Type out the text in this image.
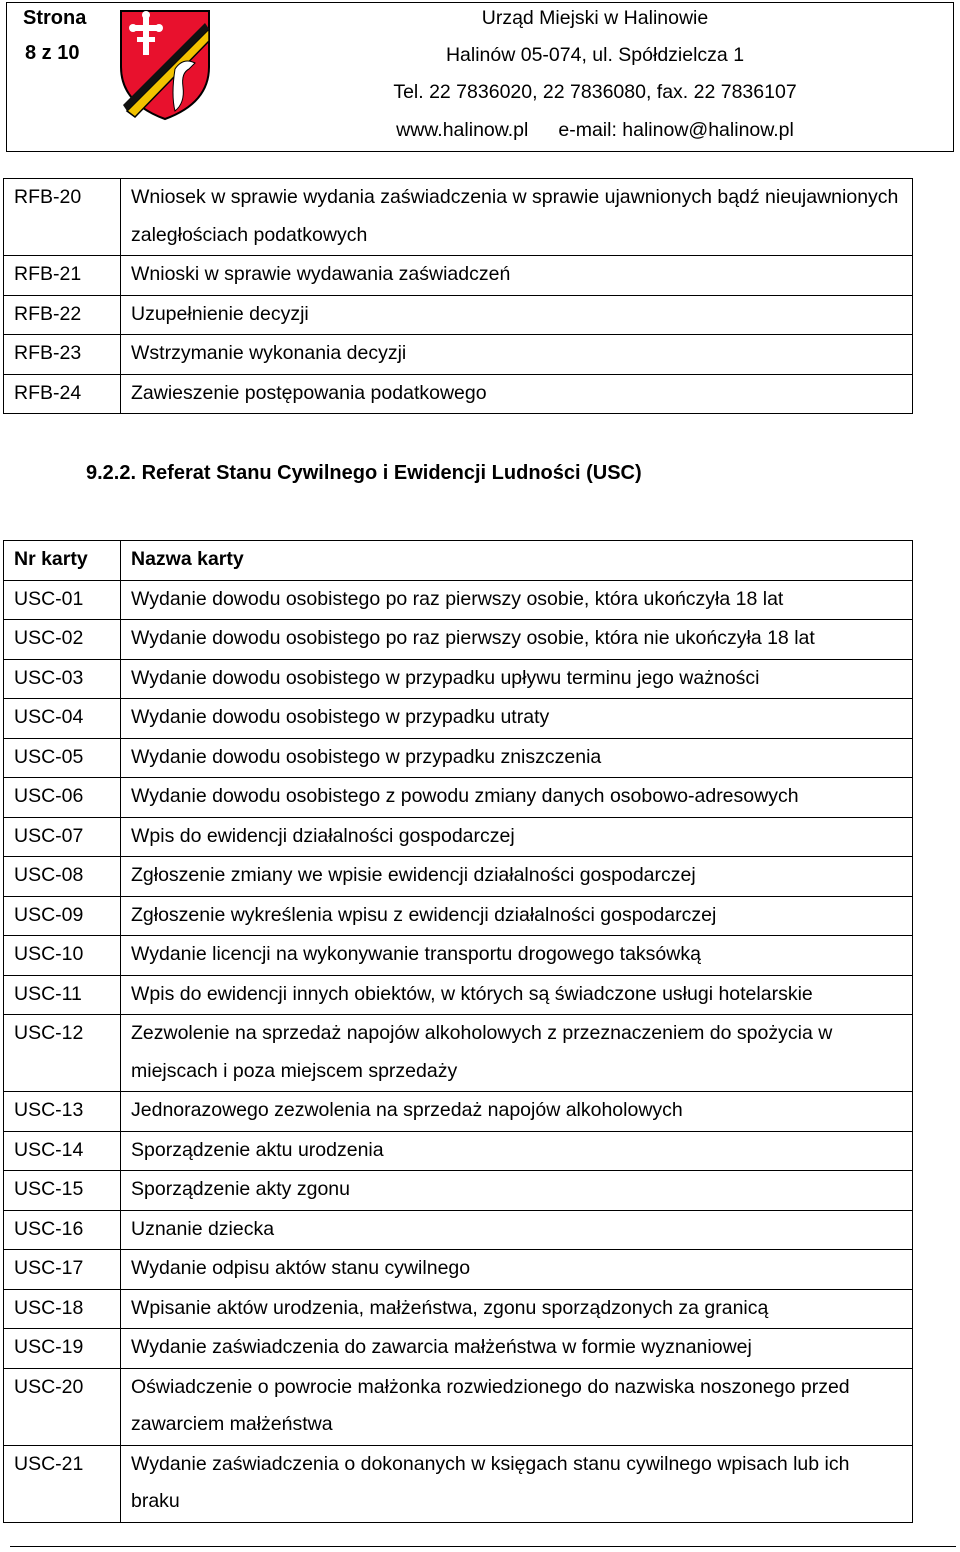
Strona
8 z 10
Urząd Miejski w Halinowie
Halinów 05-074, ul. Spółdzielcza 1
Tel. 22 7836020, 22 7836080, fax. 22 7836107
www.halinow.pl e-mail: halinow@halinow.pl
RFB-20	Wniosek w sprawie wydania zaświadczenia w sprawie ujawnionych bądź nieujawnionych zaległościach podatkowych

RFB-21	Wnioski w sprawie wydawania zaświadczeń

RFB-22	Uzupełnienie decyzji

RFB-23	Wstrzymanie wykonania decyzji

RFB-24	Zawieszenie postępowania podatkowego
9.2.2. Referat Stanu Cywilnego i Ewidencji Ludności (USC)
Nr karty	Nazwa karty

USC-01	Wydanie dowodu osobistego po raz pierwszy osobie, która ukończyła 18 lat

USC-02	Wydanie dowodu osobistego po raz pierwszy osobie, która nie ukończyła 18 lat

USC-03	Wydanie dowodu osobistego w przypadku upływu terminu jego ważności

USC-04	Wydanie dowodu osobistego w przypadku utraty

USC-05	Wydanie dowodu osobistego w przypadku zniszczenia

USC-06	Wydanie dowodu osobistego z powodu zmiany danych osobowo-adresowych

USC-07	Wpis do ewidencji działalności gospodarczej

USC-08	Zgłoszenie zmiany we wpisie ewidencji działalności gospodarczej

USC-09	Zgłoszenie wykreślenia wpisu z ewidencji działalności gospodarczej

USC-10	Wydanie licencji na wykonywanie transportu drogowego taksówką

USC-11	Wpis do ewidencji innych obiektów, w których są świadczone usługi hotelarskie

USC-12	Zezwolenie na sprzedaż napojów alkoholowych z przeznaczeniem do spożycia w miejscach i poza miejscem sprzedaży

USC-13	Jednorazowego zezwolenia na sprzedaż napojów alkoholowych

USC-14	Sporządzenie aktu urodzenia

USC-15	Sporządzenie akty zgonu

USC-16	Uznanie dziecka

USC-17	Wydanie odpisu aktów stanu cywilnego

USC-18	Wpisanie aktów urodzenia, małżeństwa, zgonu sporządzonych za granicą

USC-19	Wydanie zaświadczenia do zawarcia małżeństwa w formie wyznaniowej

USC-20	Oświadczenie o powrocie małżonka rozwiedzionego do nazwiska noszonego przed zawarciem małżeństwa

USC-21	Wydanie zaświadczenia o dokonanych w księgach stanu cywilnego wpisach lub ich braku
